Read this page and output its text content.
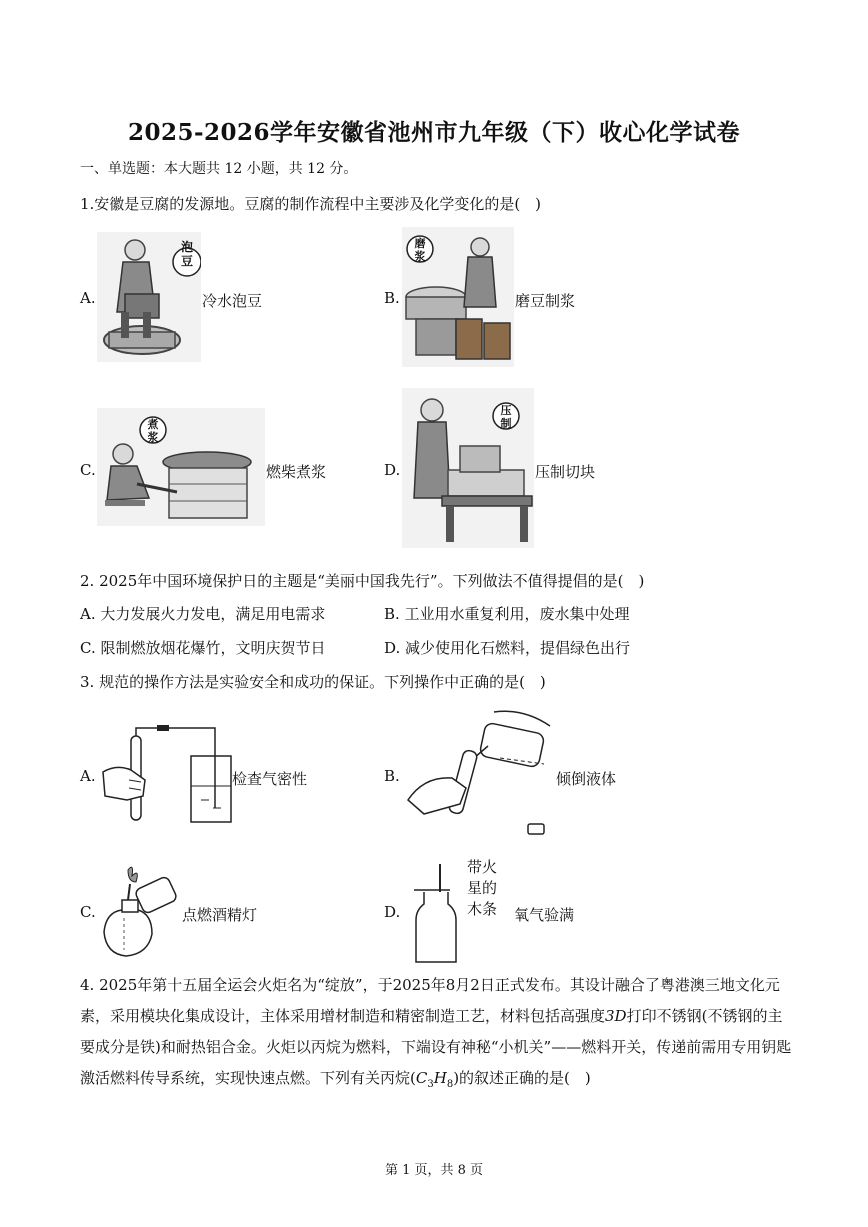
2025-2026学年安徽省池州市九年级（下）收心化学试卷
一、单选题：本大题共 12 小题，共 12 分。
1.安徽是豆腐的发源地。豆腐的制作流程中主要涉及化学变化的是(　)
A.
泡
豆
冷水泡豆	B.
磨
浆
磨豆制浆
C.
煮
浆
燃柴煮浆	D.
压
制
压制切块
2. 2025年中国环境保护日的主题是“美丽中国我先行”。下列做法不值得提倡的是(　)
A. 大力发展火力发电，满足用电需求	B. 工业用水重复利用，废水集中处理
C. 限制燃放烟花爆竹，文明庆贺节日	D. 减少使用化石燃料，提倡绿色出行
3. 规范的操作方法是实验安全和成功的保证。下列操作中正确的是(　)
A.	检查气密性	B.	倾倒液体
C.	点燃酒精灯	D.
带火
星的
木条 氧气验满
4. 2025年第十五届全运会火炬名为“绽放”，于2025年8月2日正式发布。其设计融合了粤港澳三地文化元素，采用模块化集成设计，主体采用增材制造和精密制造工艺，材料包括高强度3D打印不锈钢(不锈钢的主要成分是铁)和耐热铝合金。火炬以丙烷为燃料，下端设有神秘“小机关”——燃料开关，传递前需用专用钥匙激活燃料传导系统，实现快速点燃。下列有关丙烷$(C_3H_8)$的叙述正确的是(　)
第 1 页，共 8 页
